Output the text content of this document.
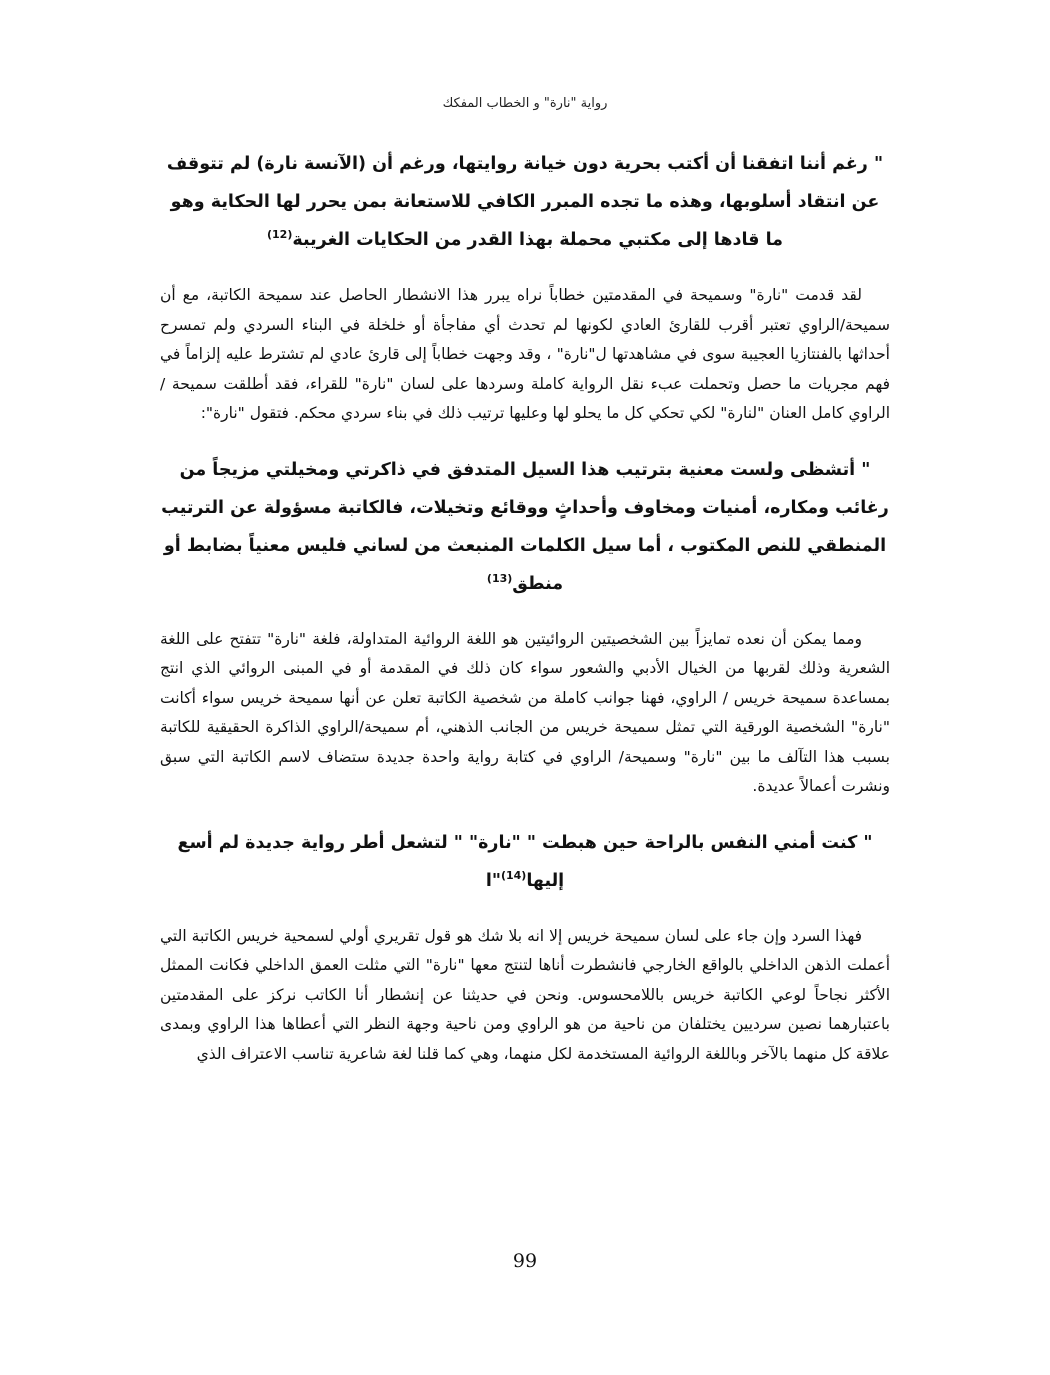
رواية "نارة" و الخطاب المفكك

" رغم أننا اتفقنا أن أكتب بحرية دون خيانة روايتها، ورغم أن (الآنسة نارة) لم تتوقف عن انتقاد أسلوبها، وهذه ما تجده المبرر الكافي للاستعانة بمن يحرر لها الحكاية وهو ما قادها إلى مكتبي محملة بهذا القدر من الحكايات الغريبة$^{(12)}$

لقد قدمت "نارة" وسميحة في المقدمتين خطاباً نراه يبرر هذا الانشطار الحاصل عند سميحة الكاتبة، مع أن سميحة/الراوي تعتبر أقرب للقارئ العادي لكونها لم تحدث أي مفاجأة أو خلخلة في البناء السردي ولم تمسرح أحداثها بالفنتازيا العجيبة سوى في مشاهدتها ل"نارة" ، وقد وجهت خطاباً إلى قارئ عادي لم تشترط عليه إلزاماً في فهم مجريات ما حصل وتحملت عبء نقل الرواية كاملة وسردها على لسان "نارة" للقراء، فقد أطلقت سميحة / الراوي كامل العنان "لنارة" لكي تحكي كل ما يحلو لها وعليها ترتيب ذلك في بناء سردي محكم. فتقول "نارة":

" أتشظى ولست معنية بترتيب هذا السيل المتدفق في ذاكرتي ومخيلتي مزيجاً من رغائب ومكاره، أمنيات ومخاوف وأحداثٍ ووقائع وتخيلات، فالكاتبة مسؤولة عن الترتيب المنطقي للنص المكتوب ، أما سيل الكلمات المنبعث من لساني فليس معنياً بضابط أو منطق$^{(13)}$

ومما يمكن أن نعده تمايزاً بين الشخصيتين الروائيتين هو اللغة الروائية المتداولة، فلغة "نارة" تتفتح على اللغة الشعرية وذلك لقربها من الخيال الأدبي والشعور سواء كان ذلك في المقدمة أو في المبنى الروائي الذي انتج بمساعدة سميحة خريس / الراوي، فهنا جوانب كاملة من شخصية الكاتبة تعلن عن أنها سميحة خريس سواء أكانت "نارة" الشخصية الورقية التي تمثل سميحة خريس من الجانب الذهني، أم سميحة/الراوي الذاكرة الحقيقية للكاتبة بسبب هذا التآلف ما بين "نارة" وسميحة/ الراوي في كتابة رواية واحدة جديدة ستضاف لاسم الكاتبة التي سبق ونشرت أعمالاً عديدة.

" كنت أمني النفس بالراحة حين هبطت " "نارة" " لتشعل أطر رواية جديدة لم أسع إليها$^{(14)}$"ا

فهذا السرد وإن جاء على لسان سميحة خريس إلا انه بلا شك هو قول تقريري أولي لسمحية خريس الكاتبة التي أعملت الذهن الداخلي بالواقع الخارجي فانشطرت أناها لتنتج معها "نارة" التي مثلت العمق الداخلي فكانت الممثل الأكثر نجاحاً لوعي الكاتبة خريس باللامحسوس. ونحن في حديثنا عن إنشطار أنا الكاتب نركز على المقدمتين باعتبارهما نصين سرديين يختلفان من ناحية من هو الراوي ومن ناحية وجهة النظر التي أعطاها هذا الراوي وبمدى علاقة كل منهما بالآخر وباللغة الروائية المستخدمة لكل منهما، وهي كما قلنا لغة شاعرية تناسب الاعتراف الذي

99
